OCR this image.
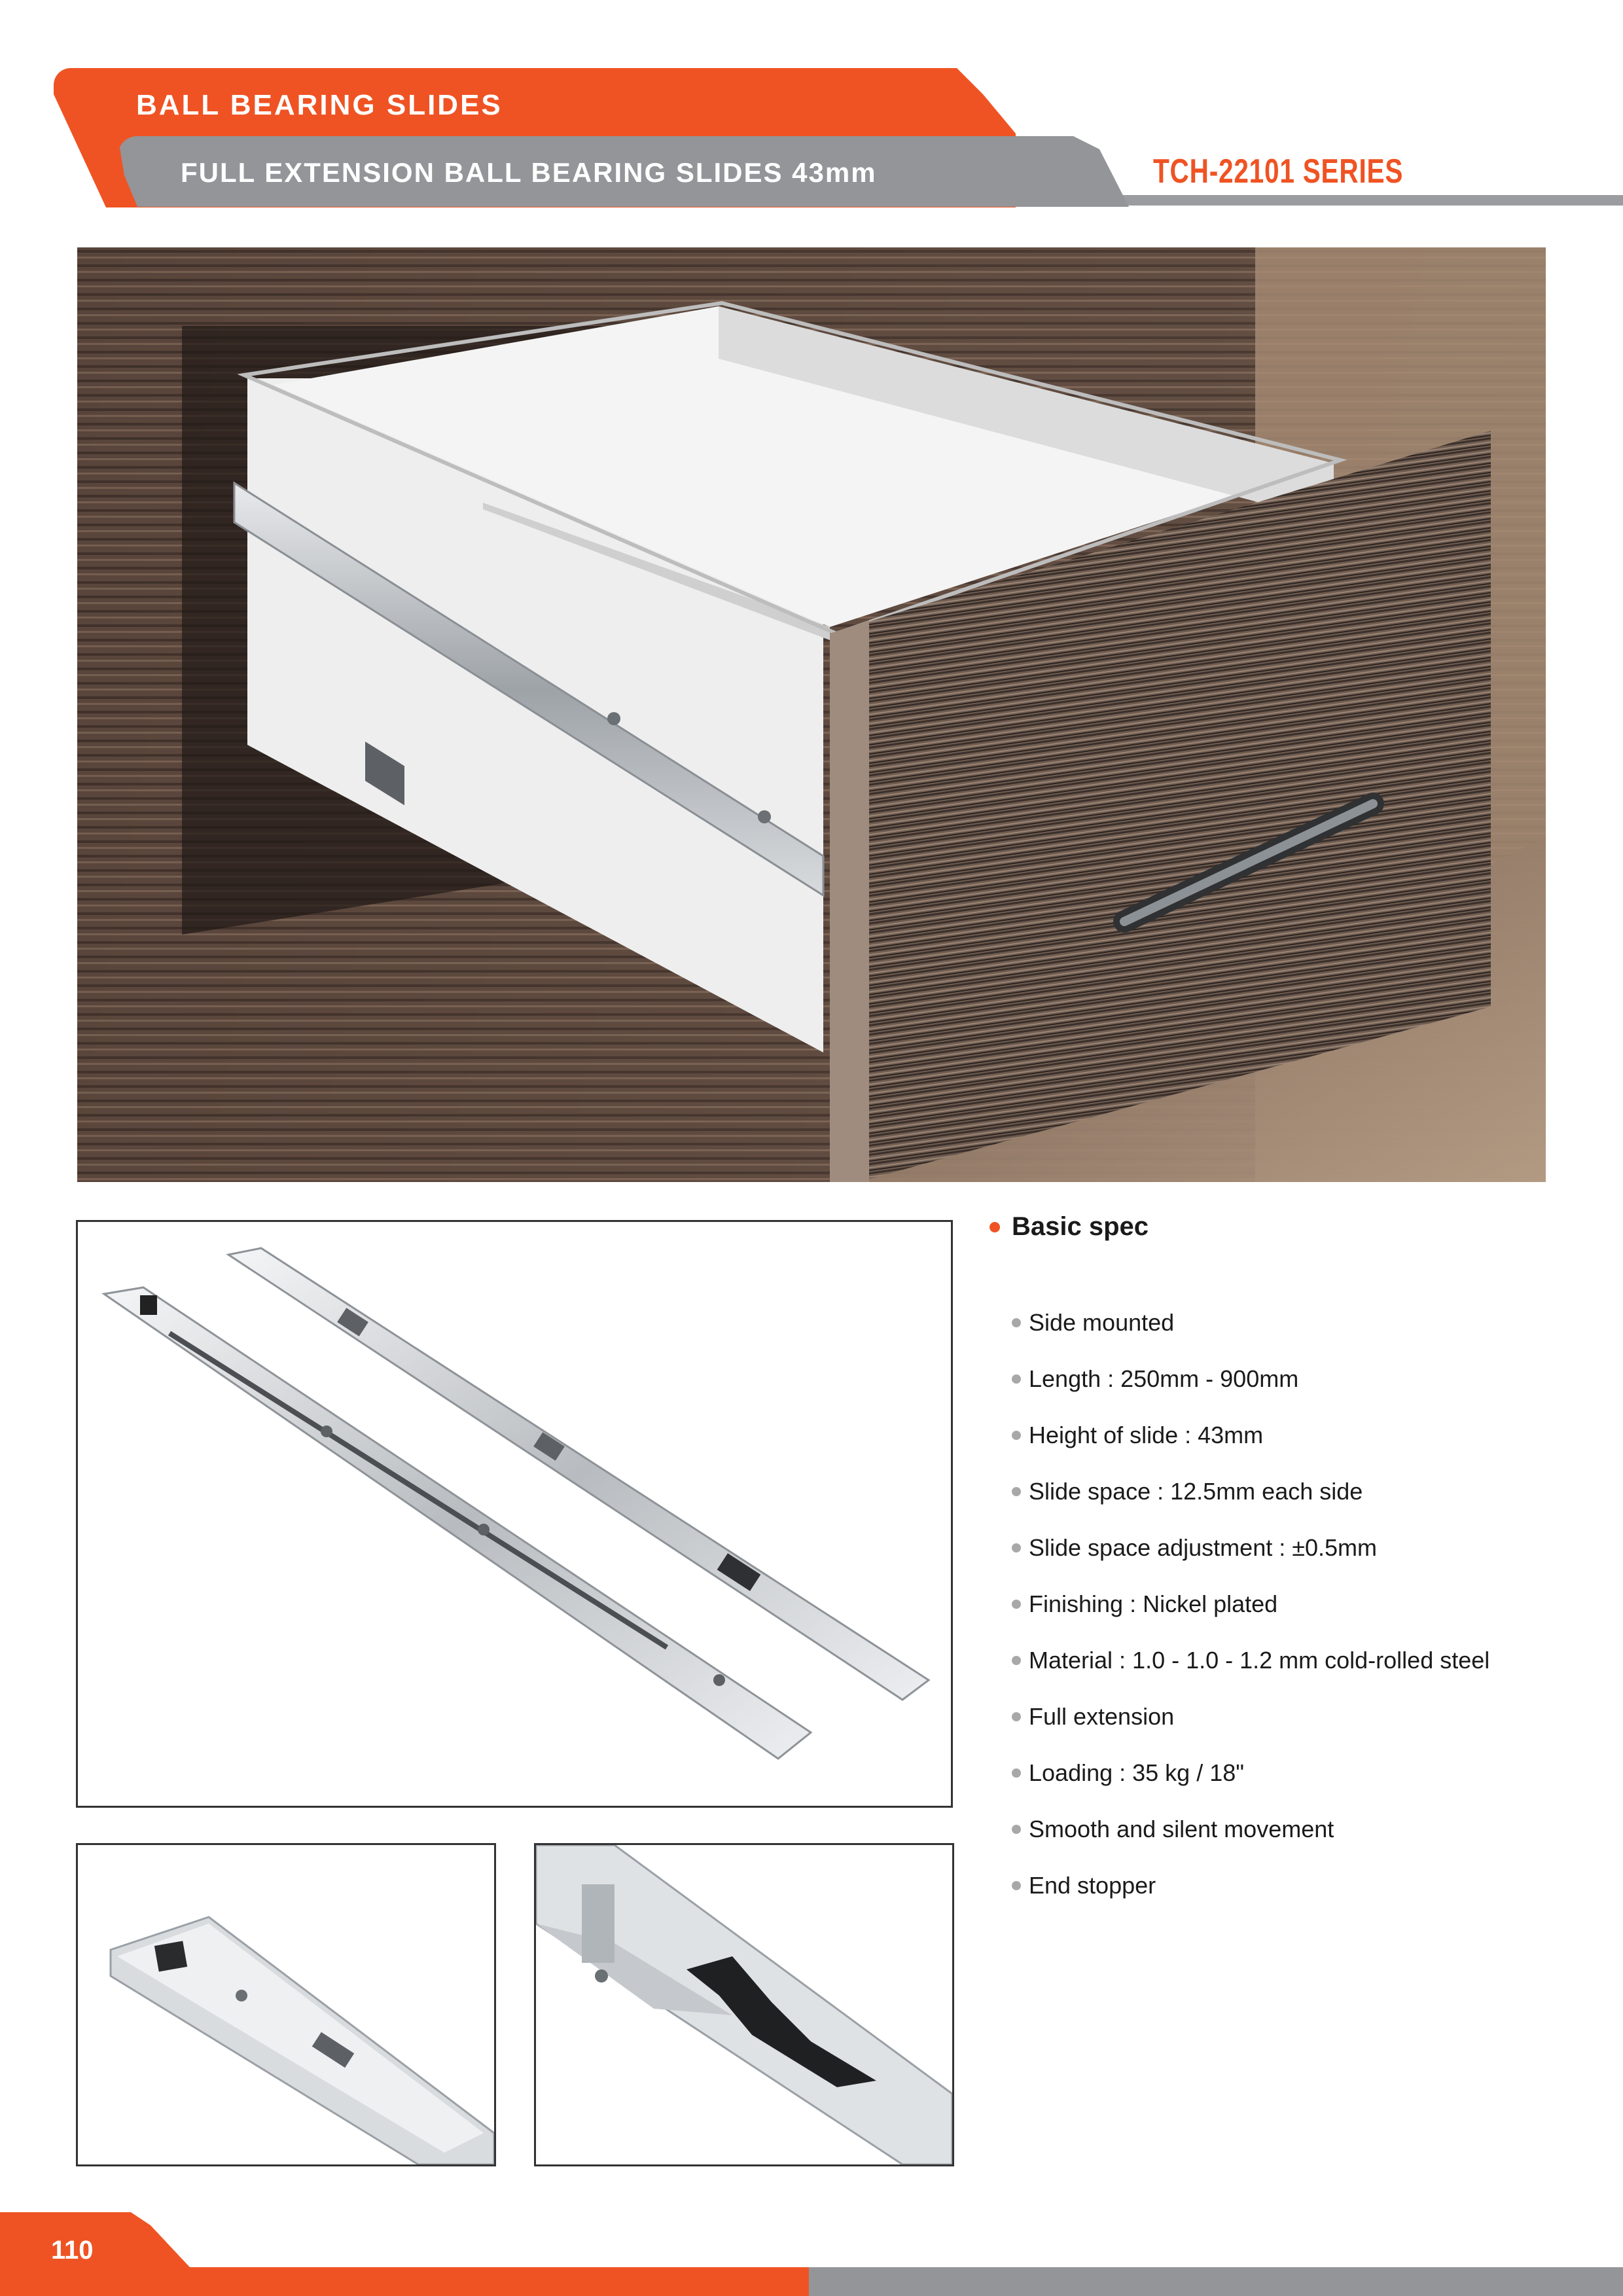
BALL BEARING SLIDES
FULL EXTENSION BALL BEARING SLIDES 43mm	TCH-22101 SERIES
Basic spec
Side mounted
Length : 250mm - 900mm
Height of slide : 43mm
Slide space : 12.5mm each side
Slide space adjustment : ±0.5mm
Finishing : Nickel plated
Material : 1.0 - 1.0 - 1.2 mm cold-rolled steel
Full extension
Loading : 35 kg / 18"
Smooth and silent movement
End stopper
110
